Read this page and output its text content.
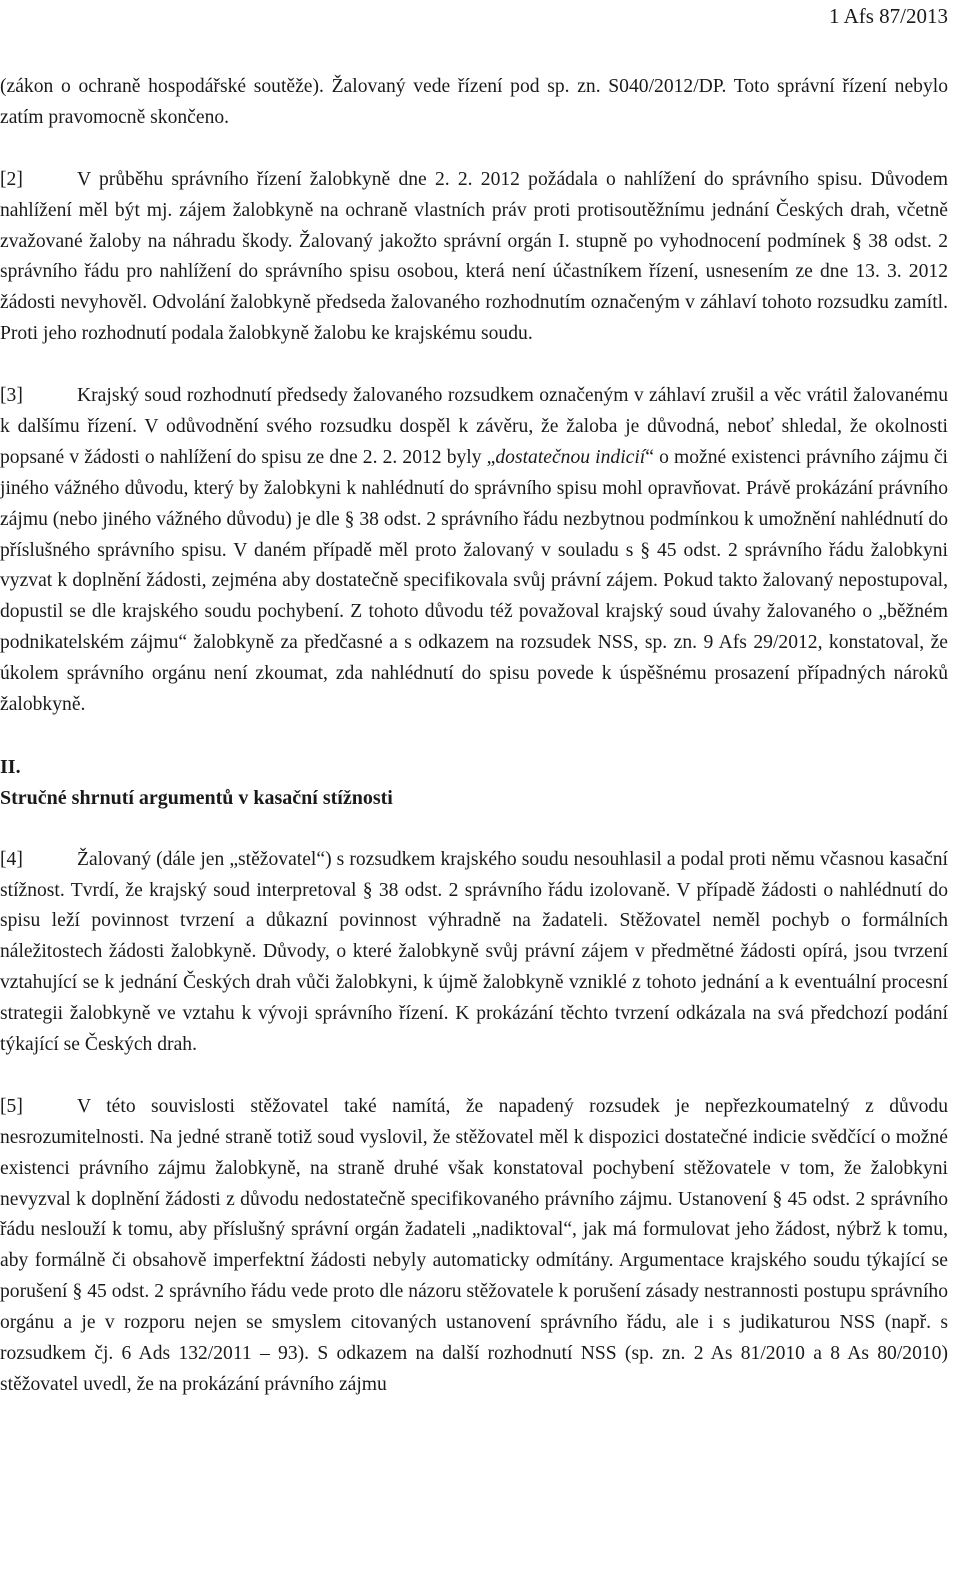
1 Afs 87/2013

(zákon o ochraně hospodářské soutěže). Žalovaný vede řízení pod sp. zn. S040/2012/DP. Toto správní řízení nebylo zatím pravomocně skončeno.

[2]	V průběhu správního řízení žalobkyně dne 2. 2. 2012 požádala o nahlížení do správního spisu. Důvodem nahlížení měl být mj. zájem žalobkyně na ochraně vlastních práv proti protisoutěžnímu jednání Českých drah, včetně zvažované žaloby na náhradu škody. Žalovaný jakožto správní orgán I. stupně po vyhodnocení podmínek § 38 odst. 2 správního řádu pro nahlížení do správního spisu osobou, která není účastníkem řízení, usnesením ze dne 13. 3. 2012 žádosti nevyhověl. Odvolání žalobkyně předseda žalovaného rozhodnutím označeným v záhlaví tohoto rozsudku zamítl. Proti jeho rozhodnutí podala žalobkyně žalobu ke krajskému soudu.

[3]	Krajský soud rozhodnutí předsedy žalovaného rozsudkem označeným v záhlaví zrušil a věc vrátil žalovanému k dalšímu řízení. V odůvodnění svého rozsudku dospěl k závěru, že žaloba je důvodná, neboť shledal, že okolnosti popsané v žádosti o nahlížení do spisu ze dne 2. 2. 2012 byly „dostatečnou indicií“ o možné existenci právního zájmu či jiného vážného důvodu, který by žalobkyni k nahlédnutí do správního spisu mohl opravňovat. Právě prokázání právního zájmu (nebo jiného vážného důvodu) je dle § 38 odst. 2 správního řádu nezbytnou podmínkou k umožnění nahlédnutí do příslušného správního spisu. V daném případě měl proto žalovaný v souladu s § 45 odst. 2 správního řádu žalobkyni vyzvat k doplnění žádosti, zejména aby dostatečně specifikovala svůj právní zájem. Pokud takto žalovaný nepostupoval, dopustil se dle krajského soudu pochybení. Z tohoto důvodu též považoval krajský soud úvahy žalovaného o „běžném podnikatelském zájmu“ žalobkyně za předčasné a s odkazem na rozsudek NSS, sp. zn. 9 Afs 29/2012, konstatoval, že úkolem správního orgánu není zkoumat, zda nahlédnutí do spisu povede k úspěšnému prosazení případných nároků žalobkyně.

II.

Stručné shrnutí argumentů v kasační stížnosti

[4]	Žalovaný (dále jen „stěžovatel“) s rozsudkem krajského soudu nesouhlasil a podal proti němu včasnou kasační stížnost. Tvrdí, že krajský soud interpretoval § 38 odst. 2 správního řádu izolovaně. V případě žádosti o nahlédnutí do spisu leží povinnost tvrzení a důkazní povinnost výhradně na žadateli. Stěžovatel neměl pochyb o formálních náležitostech žádosti žalobkyně. Důvody, o které žalobkyně svůj právní zájem v předmětné žádosti opírá, jsou tvrzení vztahující se k jednání Českých drah vůči žalobkyni, k újmě žalobkyně vzniklé z tohoto jednání a k eventuální procesní strategii žalobkyně ve vztahu k vývoji správního řízení. K prokázání těchto tvrzení odkázala na svá předchozí podání týkající se Českých drah.

[5]	V této souvislosti stěžovatel také namítá, že napadený rozsudek je nepřezkoumatelný z důvodu nesrozumitelnosti. Na jedné straně totiž soud vyslovil, že stěžovatel měl k dispozici dostatečné indicie svědčící o možné existenci právního zájmu žalobkyně, na straně druhé však konstatoval pochybení stěžovatele v tom, že žalobkyni nevyzval k doplnění žádosti z důvodu nedostatečně specifikovaného právního zájmu. Ustanovení § 45 odst. 2 správního řádu neslouží k tomu, aby příslušný správní orgán žadateli „nadiktoval“, jak má formulovat jeho žádost, nýbrž k tomu, aby formálně či obsahově imperfektní žádosti nebyly automaticky odmítány. Argumentace krajského soudu týkající se porušení § 45 odst. 2 správního řádu vede proto dle názoru stěžovatele k porušení zásady nestrannosti postupu správního orgánu a je v rozporu nejen se smyslem citovaných ustanovení správního řádu, ale i s judikaturou NSS (např. s rozsudkem čj. 6 Ads 132/2011 – 93). S odkazem na další rozhodnutí NSS (sp. zn. 2 As 81/2010 a 8 As 80/2010) stěžovatel uvedl, že na prokázání právního zájmu
